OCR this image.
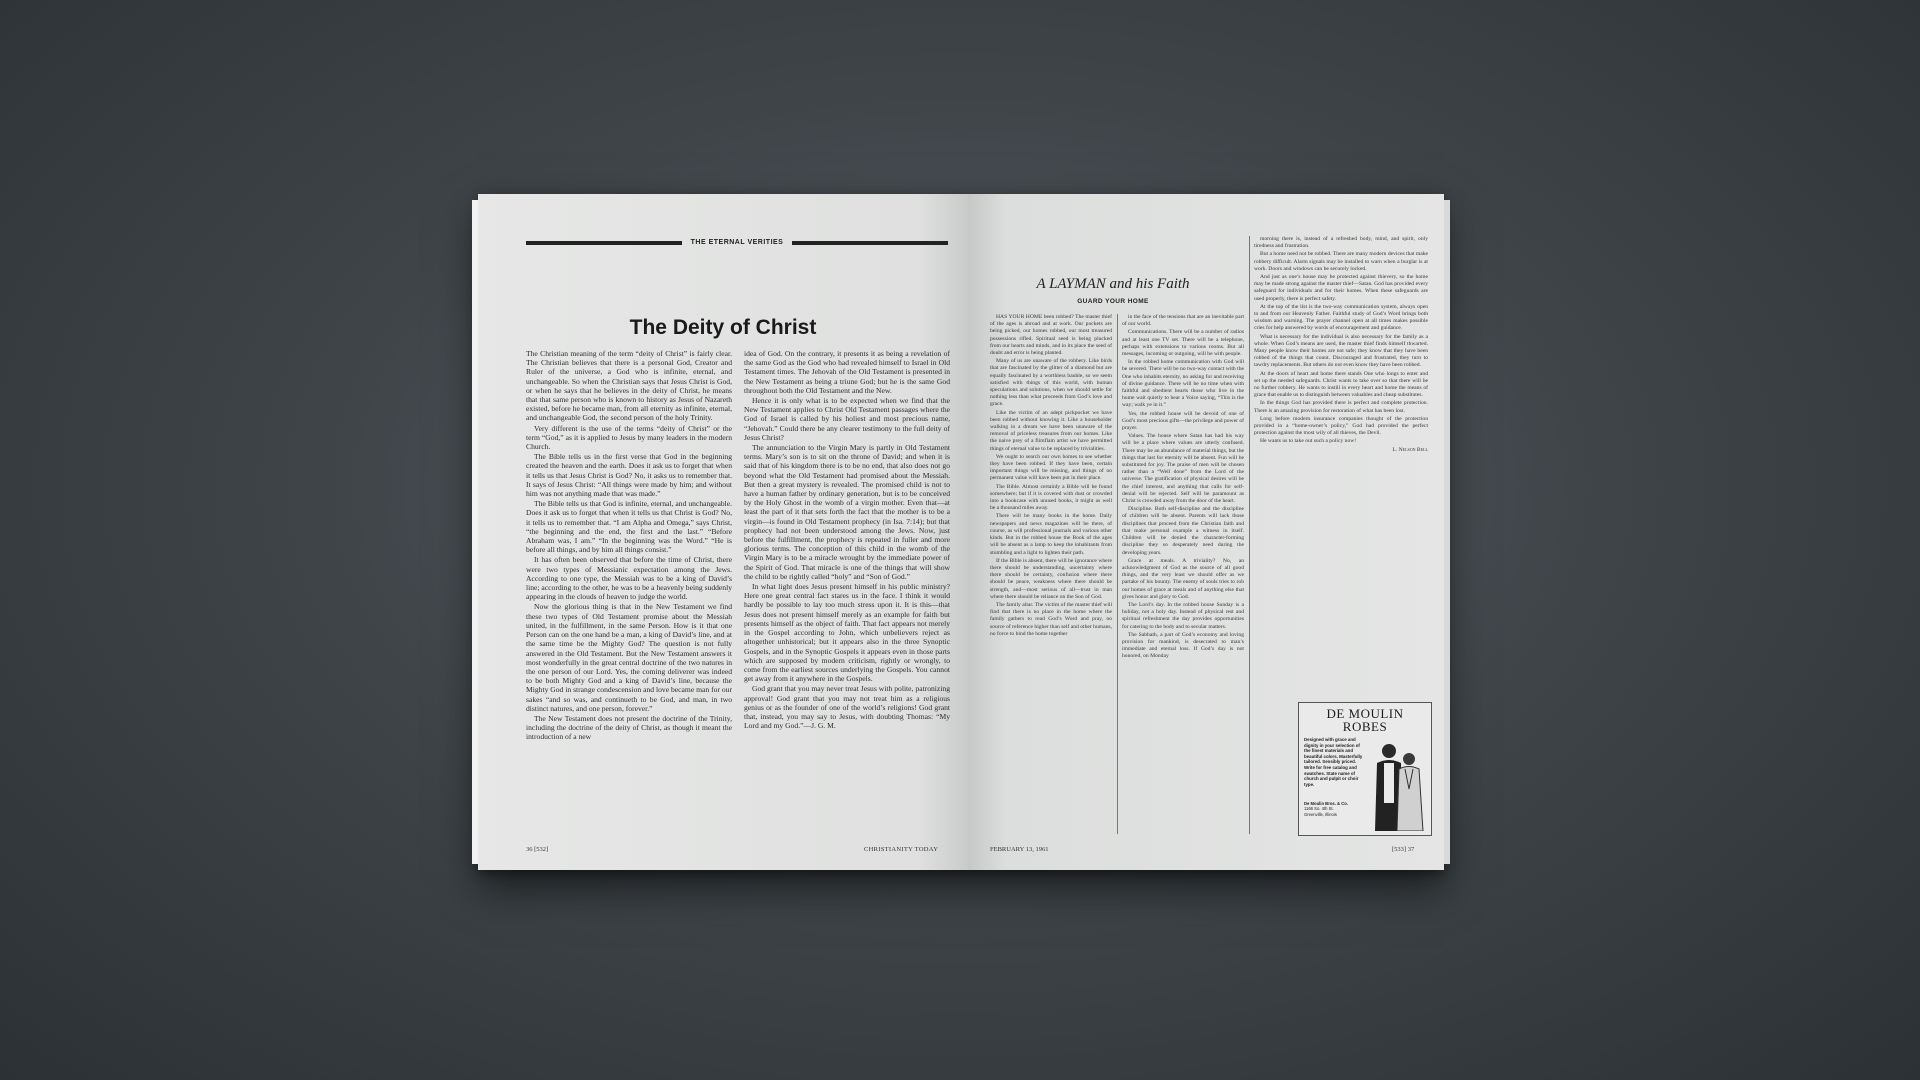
THE ETERNAL VERITIES
The Deity of Christ

The Christian meaning of the term “deity of Christ” is fairly clear. The Christian believes that there is a personal God, Creator and Ruler of the universe, a God who is infinite, eternal, and unchangeable. So when the Christian says that Jesus Christ is God, or when he says that he believes in the deity of Christ, he means that that same person who is known to history as Jesus of Nazareth existed, before he became man, from all eternity as infinite, eternal, and unchangeable God, the second person of the holy Trinity.

Very different is the use of the terms “deity of Christ” or the term “God,” as it is applied to Jesus by many leaders in the modern Church.

The Bible tells us in the first verse that God in the beginning created the heaven and the earth. Does it ask us to forget that when it tells us that Jesus Christ is God? No, it asks us to remember that. It says of Jesus Christ: “All things were made by him; and without him was not anything made that was made.”

The Bible tells us that God is infinite, eternal, and unchangeable. Does it ask us to forget that when it tells us that Christ is God? No, it tells us to remember that. “I am Alpha and Omega,” says Christ, “the beginning and the end, the first and the last.” “Before Abraham was, I am.” “In the beginning was the Word.” “He is before all things, and by him all things consist.”

It has often been observed that before the time of Christ, there were two types of Messianic expectation among the Jews. According to one type, the Messiah was to be a king of David’s line; according to the other, he was to be a heavenly being suddenly appearing in the clouds of heaven to judge the world.

Now the glorious thing is that in the New Testament we find these two types of Old Testament promise about the Messiah united, in the fulfillment, in the same Person. How is it that one Person can on the one hand be a man, a king of David’s line, and at the same time be the Mighty God? The question is not fully answered in the Old Testament. But the New Testament answers it most wonderfully in the great central doctrine of the two natures in the one person of our Lord. Yes, the coming deliverer was indeed to be both Mighty God and a king of David’s line, because the Mighty God in strange condescension and love became man for our sakes “and so was, and continueth to be God, and man, in two distinct natures, and one person, forever.”

The New Testament does not present the doctrine of the Trinity, including the doctrine of the deity of Christ, as though it meant the introduction of a new

idea of God. On the contrary, it presents it as being a revelation of the same God as the God who had revealed himself to Israel in Old Testament times. The Jehovah of the Old Testament is presented in the New Testament as being a triune God; but he is the same God throughout both the Old Testament and the New.

Hence it is only what is to be expected when we find that the New Testament applies to Christ Old Testament passages where the God of Israel is called by his holiest and most precious name, “Jehovah.” Could there be any clearer testimony to the full deity of Jesus Christ?

The annunciation to the Virgin Mary is partly in Old Testament terms. Mary’s son is to sit on the throne of David; and when it is said that of his kingdom there is to be no end, that also does not go beyond what the Old Testament had promised about the Messiah. But then a great mystery is revealed. The promised child is not to have a human father by ordinary generation, but is to be conceived by the Holy Ghost in the womb of a virgin mother. Even that—at least the part of it that sets forth the fact that the mother is to be a virgin—is found in Old Testament prophecy (in Isa. 7:14); but that prophecy had not been understood among the Jews. Now, just before the fulfillment, the prophecy is repeated in fuller and more glorious terms. The conception of this child in the womb of the Virgin Mary is to be a miracle wrought by the immediate power of the Spirit of God. That miracle is one of the things that will show the child to be rightly called “holy” and “Son of God.”

In what light does Jesus present himself in his public ministry? Here one great central fact stares us in the face. I think it would hardly be possible to lay too much stress upon it. It is this—that Jesus does not present himself merely as an example for faith but presents himself as the object of faith. That fact appears not merely in the Gospel according to John, which unbelievers reject as altogether unhistorical; but it appears also in the three Synoptic Gospels, and in the Synoptic Gospels it appears even in those parts which are supposed by modern criticism, rightly or wrongly, to come from the earliest sources underlying the Gospels. You cannot get away from it anywhere in the Gospels.

God grant that you may never treat Jesus with polite, patronizing approval! God grant that you may not treat him as a religious genius or as the founder of one of the world’s religions! God grant that, instead, you may say to Jesus, with doubting Thomas: “My Lord and my God.”—J. G. M.

36 [532]	CHRISTIANITY TODAY
A LAYMAN and his Faith
GUARD YOUR HOME

HAS YOUR HOME been robbed? The master thief of the ages is abroad and at work. Our pockets are being picked, our homes robbed, our most treasured possessions rifled. Spiritual seed is being plucked from our hearts and minds, and in its place the seed of doubt and error is being planted.

Many of us are unaware of the robbery. Like birds that are fascinated by the glitter of a diamond but are equally fascinated by a worthless bauble, so we seem satisfied with things of this world, with human speculations and solutions, when we should settle for nothing less than what proceeds from God’s love and grace.

Like the victim of an adept pickpocket we have been robbed without knowing it. Like a householder walking in a dream we have been unaware of the removal of priceless treasures from our homes. Like the naive prey of a flimflam artist we have permitted things of eternal value to be replaced by trivialities.

We ought to search our own homes to see whether they have been robbed. If they have been, certain important things will be missing, and things of no permanent value will have been put in their place.

The Bible. Almost certainly a Bible will be found somewhere; but if it is covered with dust or crowded into a bookcase with unused books, it might as well be a thousand miles away.

There will be many books in the home. Daily newspapers and news magazines will be there, of course, as will professional journals and various other kinds. But in the robbed house the Book of the ages will be absent as a lamp to keep the inhabitants from stumbling and a light to lighten their path.

If the Bible is absent, there will be ignorance where there should be understanding, uncertainty where there should be certainty, confusion where there should be peace, weakness where there should be strength, and—most serious of all—trust in man where there should be reliance on the Son of God.

The family altar. The victim of the master thief will find that there is no place in the home where the family gathers to read God’s Word and pray, no source of reference higher than self and other humans, no force to bind the home together

in the face of the tensions that are an inevitable part of our world.

Communications. There will be a number of radios and at least one TV set. There will be a telephone, perhaps with extensions to various rooms. But all messages, incoming or outgoing, will be with people.

In the robbed home communication with God will be severed. There will be no two-way contact with the One who inhabits eternity, no asking for and receiving of divine guidance. There will be no time when with faithful and obedient hearts those who live in the home wait quietly to hear a Voice saying, “This is the way; walk ye in it.”

Yes, the robbed house will be devoid of one of God’s most precious gifts—the privilege and power of prayer.

Values. The house where Satan has had his way will be a place where values are utterly confused. There may be an abundance of material things, but the things that last for eternity will be absent. Fun will be substituted for joy. The praise of men will be chosen rather than a “Well done” from the Lord of the universe. The gratification of physical desires will be the chief interest, and anything that calls for self-denial will be rejected. Self will be paramount as Christ is crowded away from the door of the heart.

Discipline. Both self-discipline and the discipline of children will be absent. Parents will lack those disciplines that proceed from the Christian faith and that make personal example a witness in itself. Children will be denied the character-forming discipline they so desperately need during the developing years.

Grace at meals. A triviality? No, an acknowledgment of God as the source of all good things, and the very least we should offer as we partake of his bounty. The enemy of souls tries to rob our homes of grace at meals and of anything else that gives honor and glory to God.

The Lord’s day. In the robbed house Sunday is a holiday, not a holy day. Instead of physical rest and spiritual refreshment the day provides opportunities for catering to the body and to secular matters.

The Sabbath, a part of God’s economy and loving provision for mankind, is desecrated to man’s immediate and eternal loss. If God’s day is not honored, on Monday

morning there is, instead of a refreshed body, mind, and spirit, only tiredness and frustration.

But a home need not be robbed. There are many modern devices that make robbery difficult. Alarm signals may be installed to warn when a burglar is at work. Doors and windows can be securely locked.

And just as one’s house may be protected against thievery, so the home may be made strong against the master thief—Satan. God has provided every safeguard for individuals and for their homes. When these safeguards are used properly, there is perfect safety.

At the top of the list is the two-way communication system, always open to and from our Heavenly Father. Faithful study of God’s Word brings both wisdom and warning. The prayer channel open at all times makes possible cries for help answered by words of encouragement and guidance.

What is necessary for the individual is also necessary for the family as a whole. When God’s means are used, the master thief finds himself thwarted. Many people know their homes are not safe; they know that they have been robbed of the things that count. Discouraged and frustrated, they turn to tawdry replacements. But others do not even know they have been robbed.

At the doors of heart and home there stands One who longs to enter and set up the needed safeguards. Christ wants to take over so that there will be no further robbery. He wants to instill in every heart and home the means of grace that enable us to distinguish between valuables and cheap substitutes.

In the things God has provided there is perfect and complete protection. There is an amazing provision for restoration of what has been lost.

Long before modern insurance companies thought of the protection provided in a “home-owner’s policy,” God had provided the perfect protection against the most wily of all thieves, the Devil.

He wants us to take out such a policy now!

L. Nelson Bell

DE MOULIN
ROBES
Designed with grace and dignity in your selection of the finest materials and beautiful colors. Masterfully tailored. Sensibly priced. Write for free catalog and swatches. State name of church and pulpit or choir type.
De Moulin Bros. & Co.
1166 So. 4th St.
Greenville, Illinois
FEBRUARY 13, 1961	[533] 37
